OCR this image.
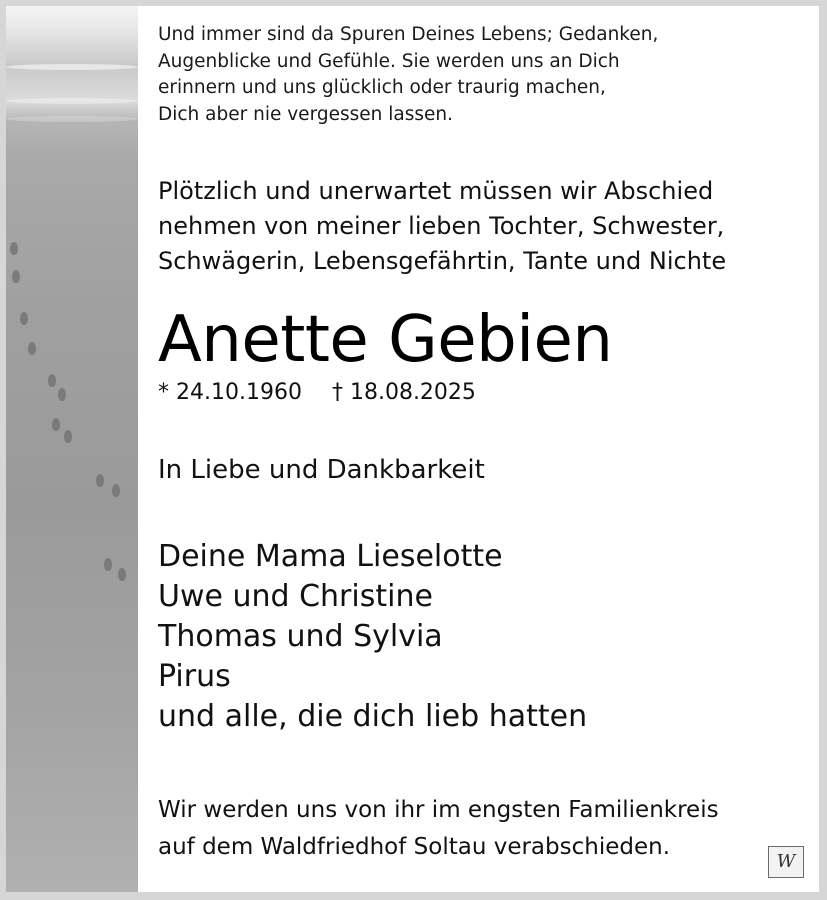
Und immer sind da Spuren Deines Lebens; Gedanken,
Augenblicke und Gefühle. Sie werden uns an Dich
erinnern und uns glücklich oder traurig machen,
Dich aber nie vergessen lassen.
Plötzlich und unerwartet müssen wir Abschied
nehmen von meiner lieben Tochter, Schwester,
Schwägerin, Lebensgefährtin, Tante und Nichte
Anette Gebien
* 24.10.1960 † 18.08.2025
In Liebe und Dankbarkeit
Deine Mama Lieselotte
Uwe und Christine
Thomas und Sylvia
Pirus
und alle, die dich lieb hatten
Wir werden uns von ihr im engsten Familienkreis
auf dem Waldfriedhof Soltau verabschieden.
W
